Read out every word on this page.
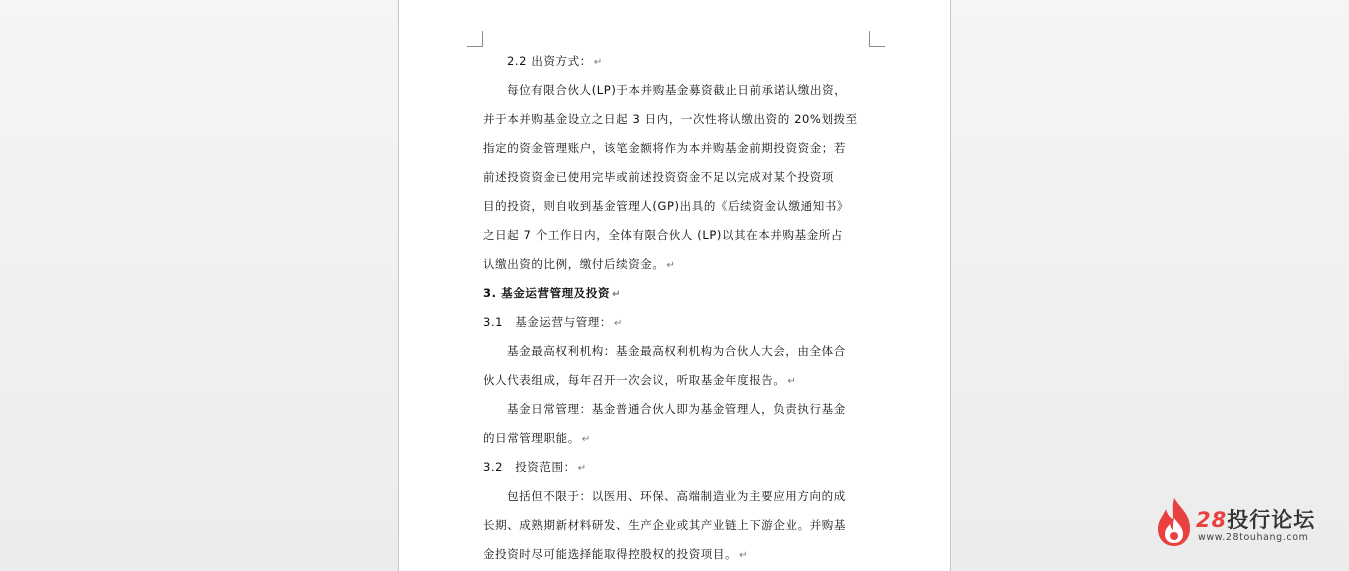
2.2 出资方式： ↵
每位有限合伙人(LP)于本并购基金募资截止日前承诺认缴出资，
并于本并购基金设立之日起 3 日内，一次性将认缴出资的 20%划拨至
指定的资金管理账户，该笔金额将作为本并购基金前期投资资金；若
前述投资资金已使用完毕或前述投资资金不足以完成对某个投资项
目的投资，则自收到基金管理人(GP)出具的《后续资金认缴通知书》
之日起 7 个工作日内，全体有限合伙人 (LP)以其在本并购基金所占
认缴出资的比例，缴付后续资金。 ↵
3. 基金运营管理及投资 ↵
3.1　基金运营与管理： ↵
基金最高权利机构：基金最高权利机构为合伙人大会，由全体合
伙人代表组成，每年召开一次会议，听取基金年度报告。 ↵
基金日常管理：基金普通合伙人即为基金管理人，负责执行基金
的日常管理职能。 ↵
3.2　投资范围： ↵
包括但不限于：以医用、环保、高端制造业为主要应用方向的成
长期、成熟期新材料研发、生产企业或其产业链上下游企业。并购基
金投资时尽可能选择能取得控股权的投资项目。 ↵
28投行论坛
www.28touhang.com
